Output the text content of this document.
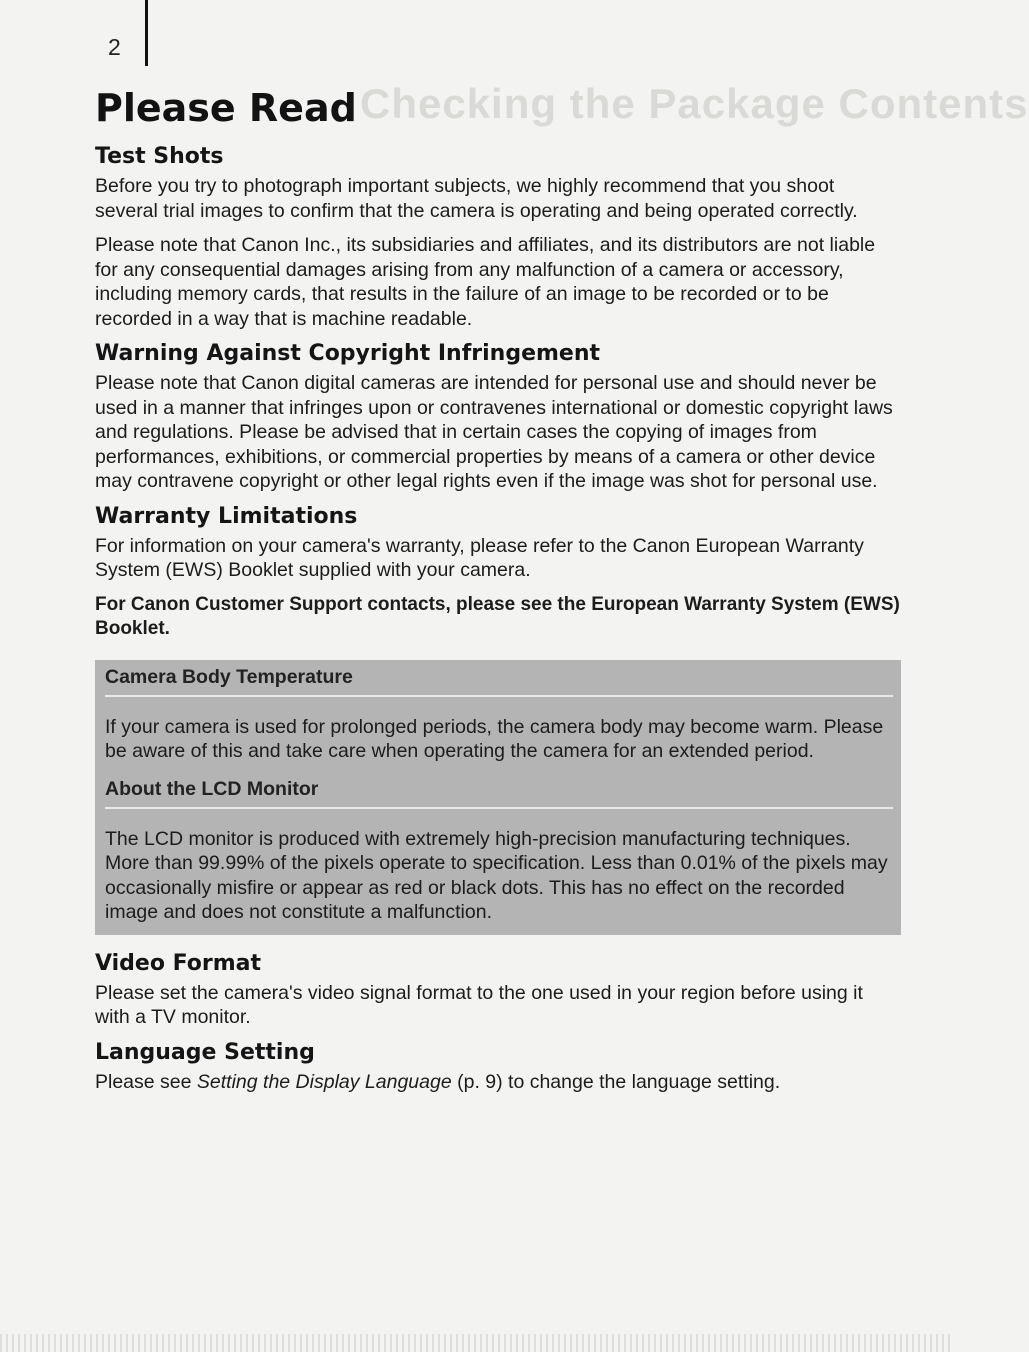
2
Checking the Package Contents
Please Read
Test Shots

Before you try to photograph important subjects, we highly recommend that you shoot several trial images to confirm that the camera is operating and being operated correctly.

Please note that Canon Inc., its subsidiaries and affiliates, and its distributors are not liable for any consequential damages arising from any malfunction of a camera or accessory, including memory cards, that results in the failure of an image to be recorded or to be recorded in a way that is machine readable.

Warning Against Copyright Infringement

Please note that Canon digital cameras are intended for personal use and should never be used in a manner that infringes upon or contravenes international or domestic copyright laws and regulations. Please be advised that in certain cases the copying of images from performances, exhibitions, or commercial properties by means of a camera or other device may contravene copyright or other legal rights even if the image was shot for personal use.

Warranty Limitations

For information on your camera's warranty, please refer to the Canon European Warranty System (EWS) Booklet supplied with your camera.

For Canon Customer Support contacts, please see the European Warranty System (EWS) Booklet.

Camera Body Temperature

If your camera is used for prolonged periods, the camera body may become warm. Please be aware of this and take care when operating the camera for an extended period.

About the LCD Monitor

The LCD monitor is produced with extremely high-precision manufacturing techniques. More than 99.99% of the pixels operate to specification. Less than 0.01% of the pixels may occasionally misfire or appear as red or black dots. This has no effect on the recorded image and does not constitute a malfunction.

Video Format

Please set the camera's video signal format to the one used in your region before using it with a TV monitor.

Language Setting

Please see Setting the Display Language (p. 9) to change the language setting.
